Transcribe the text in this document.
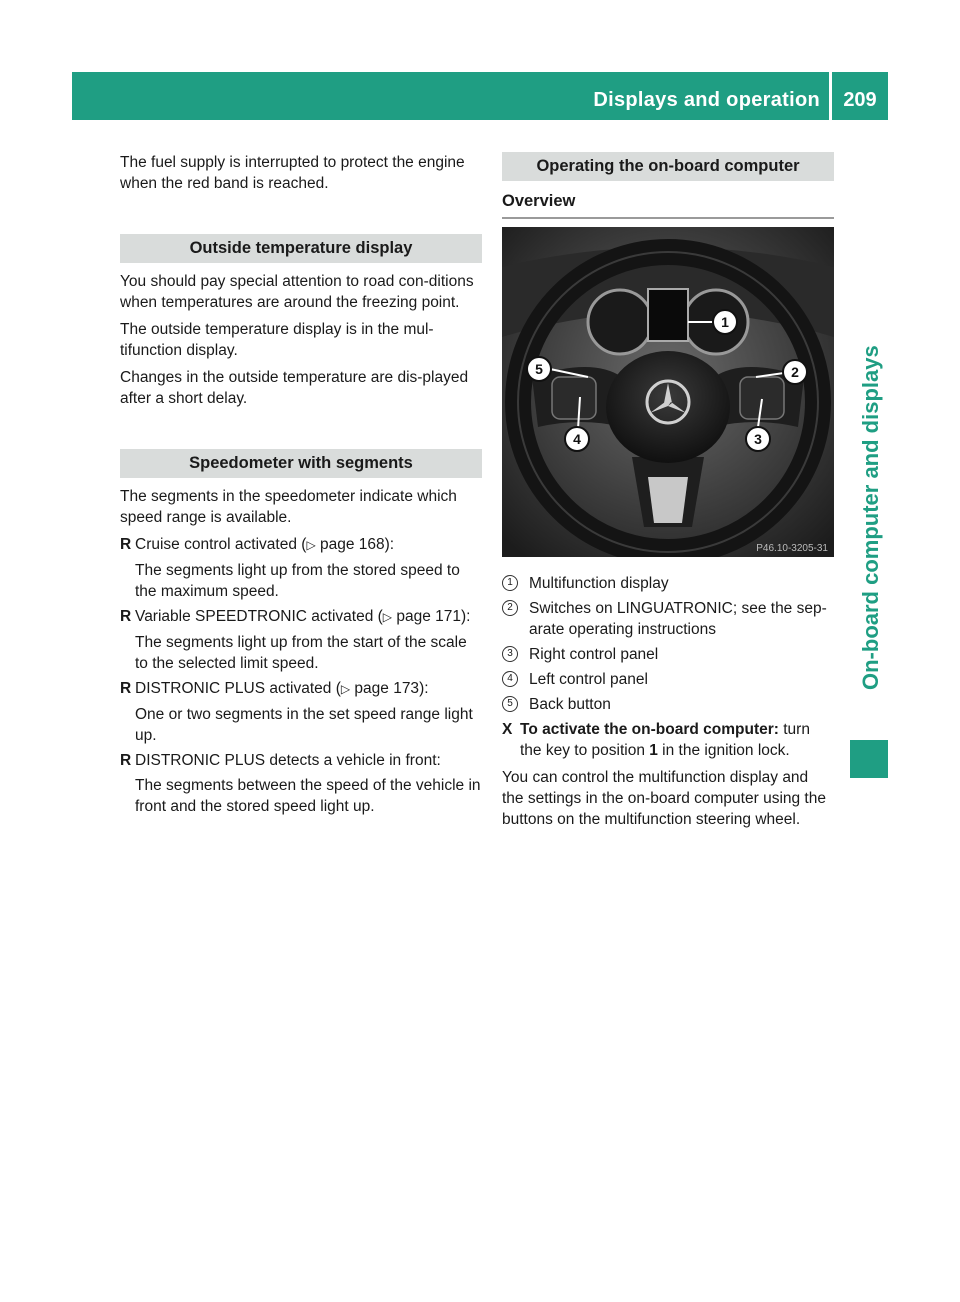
Displays and operation	209
On-board computer and displays

The fuel supply is interrupted to protect the engine when the red band is reached.

Outside temperature display

You should pay special attention to road con-ditions when temperatures are around the freezing point.

The outside temperature display is in the mul-tifunction display.

Changes in the outside temperature are dis-played after a short delay.

Speedometer with segments

The segments in the speedometer indicate which speed range is available.

R Cruise control activated (▷ page 168):
The segments light up from the stored speed to the maximum speed.
R Variable SPEEDTRONIC activated (▷ page 171):
The segments light up from the start of the scale to the selected limit speed.
R DISTRONIC PLUS activated (▷ page 173):
One or two segments in the set speed range light up.
R DISTRONIC PLUS detects a vehicle in front:
The segments between the speed of the vehicle in front and the stored speed light up.
Operating the on-board computer
Overview
1
2
3
4
5
P46.10-3205-31
1	Multifunction display
2	Switches on LINGUATRONIC; see the sep-arate operating instructions
3	Right control panel
4	Left control panel
5	Back button
X To activate the on-board computer: turn the key to position 1 in the ignition lock.

You can control the multifunction display and the settings in the on-board computer using the buttons on the multifunction steering wheel.
